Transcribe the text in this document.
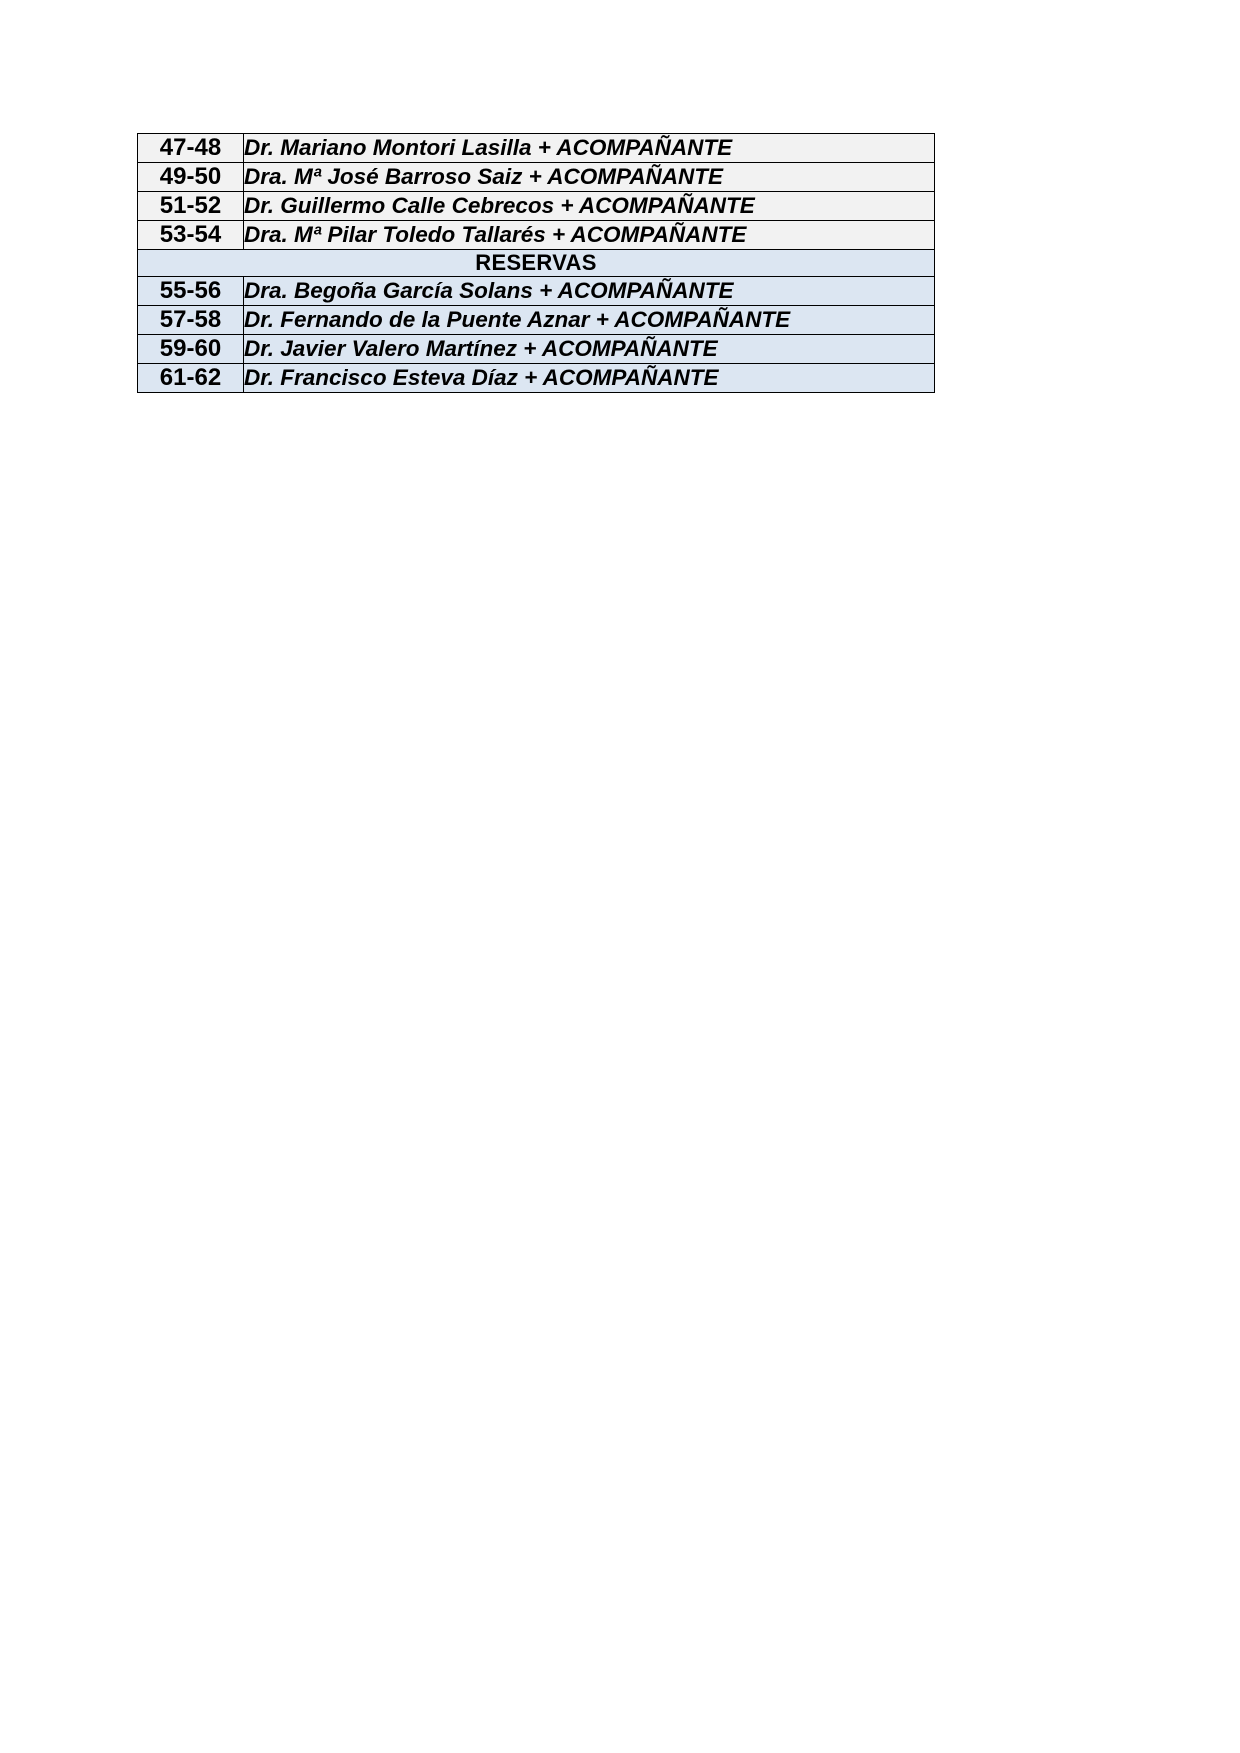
47-48	Dr. Mariano Montori Lasilla + ACOMPAÑANTE
49-50	Dra. Mª José Barroso Saiz + ACOMPAÑANTE
51-52	Dr. Guillermo Calle Cebrecos + ACOMPAÑANTE
53-54	Dra. Mª Pilar Toledo Tallarés + ACOMPAÑANTE
RESERVAS	
55-56	Dra. Begoña García Solans + ACOMPAÑANTE
57-58	Dr. Fernando de la Puente Aznar + ACOMPAÑANTE
59-60	Dr. Javier Valero Martínez + ACOMPAÑANTE
61-62	Dr. Francisco Esteva Díaz + ACOMPAÑANTE
